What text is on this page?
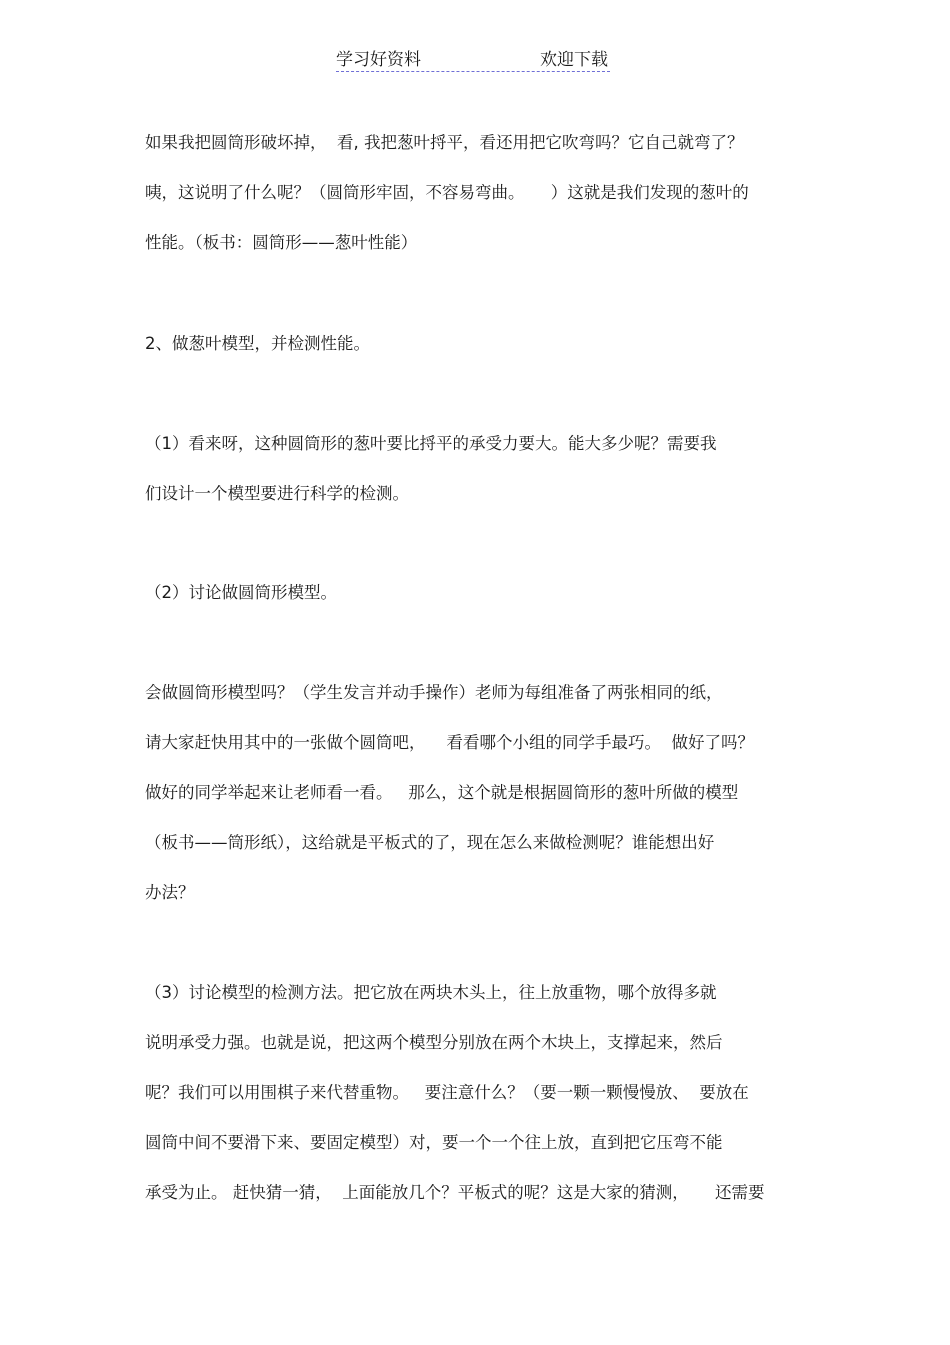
学习好资料	欢迎下载
如果我把圆筒形破坏掉，  看, 我把葱叶捋平，看还用把它吹弯吗？它自己就弯了？
咦，这说明了什么呢？（圆筒形牢固，不容易弯曲。     ）这就是我们发现的葱叶的
性能。（板书：圆筒形——葱叶性能）
2、做葱叶模型，并检测性能。
（1）看来呀，这种圆筒形的葱叶要比捋平的承受力要大。能大多少呢？需要我
们设计一个模型要进行科学的检测。
（2）讨论做圆筒形模型。
会做圆筒形模型吗？（学生发言并动手操作）老师为每组准备了两张相同的纸，
请大家赶快用其中的一张做个圆筒吧，    看看哪个小组的同学手最巧。  做好了吗？
做好的同学举起来让老师看一看。   那么，这个就是根据圆筒形的葱叶所做的模型
（板书——筒形纸），这给就是平板式的了，现在怎么来做检测呢？谁能想出好
办法？
（3）讨论模型的检测方法。把它放在两块木头上，往上放重物，哪个放得多就
说明承受力强。也就是说，把这两个模型分别放在两个木块上，支撑起来，然后
呢？我们可以用围棋子来代替重物。   要注意什么？（要一颗一颗慢慢放、  要放在
圆筒中间不要滑下来、要固定模型）对，要一个一个往上放，直到把它压弯不能
承受为止。 赶快猜一猜，  上面能放几个？平板式的呢？这是大家的猜测，     还需要
